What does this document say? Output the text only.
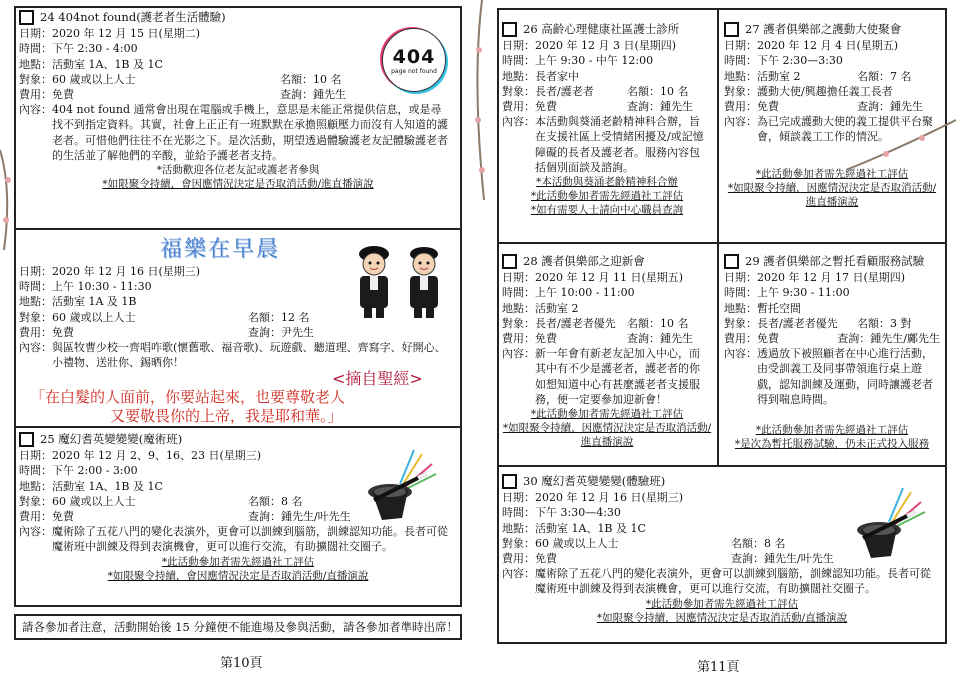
24 404not found(護老者生活體驗)
日期： 2020 年 12 月 15 日(星期二)
時間： 下午 2:30 - 4:00
地點： 活動室 1A、1B 及 1C
對象： 60 歲或以上人士	名額： 10 名
費用： 免費	查詢： 鍾先生
內容： 404 not found 通常會出現在電腦或手機上，意思是未能正常提供信息，或是尋找不到指定資料。其實，社會上正正有一班默默在承擔照顧壓力而沒有人知道的護老者。可惜他們往往不在光影之下。是次活動，期望透過體驗護老友記體驗護老者的生活並了解他們的辛酸，並給予護老者支持。
*活動歡迎各位老友記或護老者參與
*如限聚令持續，會因應情況決定是否取消活動/進直播演說
404
page not found
福樂在早晨
日期： 2020 年 12 月 16 日(星期三)
時間： 上午 10:30 - 11:30
地點： 活動室 1A 及 1B
對象： 60 歲或以上人士	名額： 12 名
費用： 免費	查詢： 尹先生
內容： 與區牧曹少校一齊唱咋歌(懷舊歌、福音歌)、玩遊戲、聽道理、齊寫字、好開心、小禮物、送壯你、錫晒你！
<摘自聖經>
「在白髮的人面前，你要站起來，也要尊敬老人
又要敬畏你的上帝，我是耶和華。」
25 魔幻耆英變變變(魔術班)
日期： 2020 年 12 月 2、9、16、23 日(星期三)
時間： 下午 2:00 - 3:00
地點： 活動室 1A、1B 及 1C
對象： 60 歲或以上人士	名額： 8 名
費用： 免費	查詢： 鍾先生/叶先生
內容： 魔術除了五花八門的變化表演外，更會可以訓練到腦筋，訓練認知功能。長者可從魔術班中訓練及得到表演機會，更可以進行交流，有助擴闊社交圈子。
*此活動參加者需先經過社工評估
*如限聚令持續，會因應情況決定是否取消活動/直播演說
請各參加者注意，活動開始後 15 分鐘便不能進場及參與活動，請各參加者準時出席！
第10頁
26 高齡心理健康社區護士診所
日期： 2020 年 12 月 3 日(星期四)
時間： 上午 9:30 - 中午 12:00
地點： 長者家中
對象： 長者/護老者	名額： 10 名
費用： 免費	查詢： 鍾先生
內容： 本活動與葵涌老齡精神科合辦，旨在支援社區上受情緒困擾及/或記憶障礙的長者及護老者。服務內容包括個別面談及諮詢。
*本活動與葵涌老齡精神科合辦
*此活動參加者需先經過社工評估
*如有需要人士請向中心職員查詢
27 護者俱樂部之護動大使聚會
日期： 2020 年 12 月 4 日(星期五)
時間： 下午 2:30—3:30
地點： 活動室 2	名額： 7 名
對象： 護動大使/興趣擔任義工長者
費用： 免費	查詢： 鍾先生
內容： 為已完成護動大使的義工提供平台聚會，傾談義工工作的情況。
*此活動參加者需先經過社工評估
*如限聚令持續，因應情況決定是否取消活動/進直播演說
28 護者俱樂部之迎新會
日期： 2020 年 12 月 11 日(星期五)
時間： 上午 10:00 - 11:00
地點： 活動室 2
對象： 長者/護老者優先	名額： 10 名
費用： 免費	查詢： 鍾先生
內容： 新一年會有新老友記加入中心，而其中有不少是護老者，護老者的你如想知道中心有甚麼護老者支援服務，便一定要參加迎新會！
*此活動參加者需先經過社工評估
*如限聚令持續，因應情況決定是否取消活動/進直播演說
29 護者俱樂部之暫托看顧服務試驗
日期： 2020 年 12 月 17 日(星期四)
時間： 上午 9:30 - 11:00
地點： 暫托空間
對象： 長者/護老者優先	名額： 3 對
費用： 免費	查詢： 鍾先生/鄺先生
內容： 透過放下被照顧者在中心進行活動，由受訓義工及同事帶領進行桌上遊戲，認知訓練及運動，同時讓護老者得到喘息時間。
*此活動參加者需先經過社工評估
*是次為暫托服務試驗，仍未正式投入服務
30 魔幻耆英變變變(體驗班)
日期： 2020 年 12 月 16 日(星期三)
時間： 下午 3:30—4:30
地點： 活動室 1A、1B 及 1C
對象： 60 歲或以上人士	名額： 8 名
費用： 免費	查詢： 鍾先生/叶先生
內容： 魔術除了五花八門的變化表演外，更會可以訓練到腦筋，訓練認知功能。長者可從魔術班中訓練及得到表演機會，更可以進行交流，有助擴闊社交圈子。
*此活動參加者需先經過社工評估
*如限聚令持續，因應情況決定是否取消活動/直播演說
第11頁
